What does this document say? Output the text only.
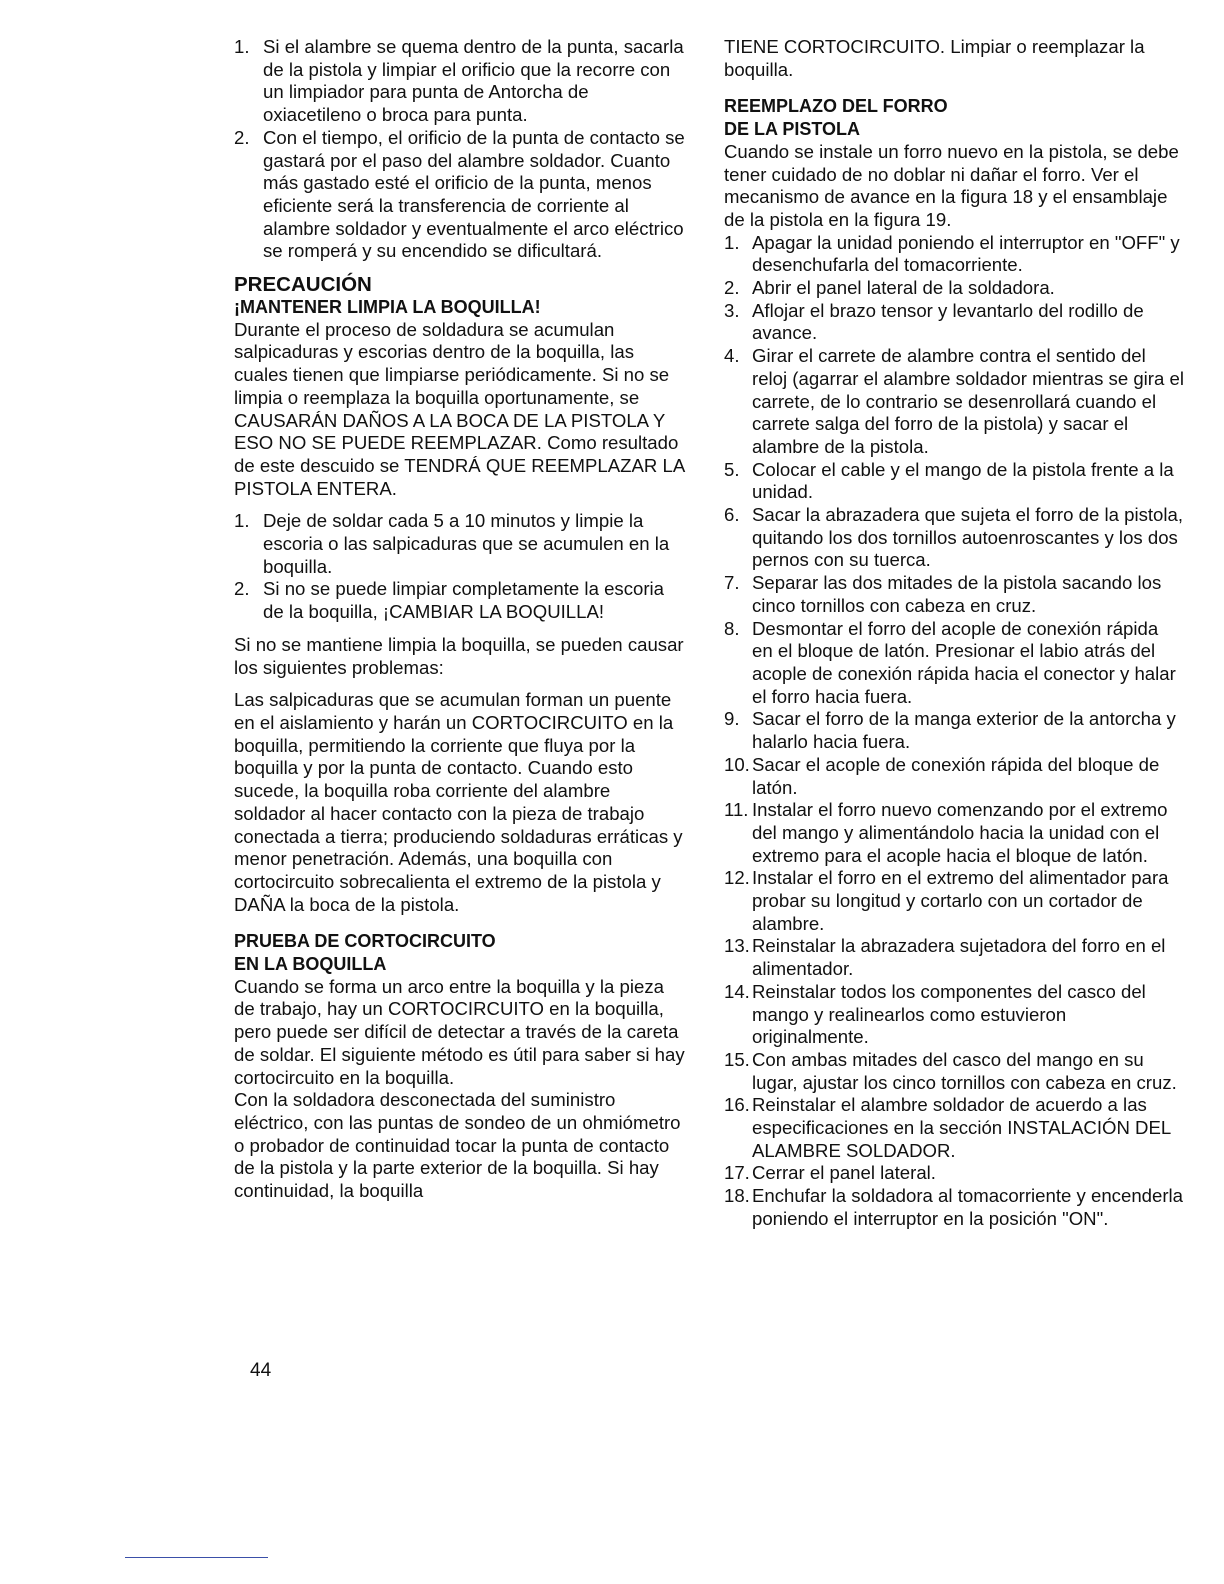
1. Si el alambre se quema dentro de la punta, sacarla de la pistola y limpiar el orificio que la recorre con un limpiador para punta de Antorcha de oxiacetileno o broca para punta.
2. Con el tiempo, el orificio de la punta de contacto se gastará por el paso del alambre soldador. Cuanto más gastado esté el orificio de la punta, menos eficiente será la transferencia de corriente al alambre soldador y eventualmente el arco eléctrico se romperá y su encendido se dificultará.
PRECAUCIÓN
¡MANTENER LIMPIA LA BOQUILLA!

Durante el proceso de soldadura se acumulan salpicaduras y escorias dentro de la boquilla, las cuales tienen que limpiarse periódicamente. Si no se limpia o reemplaza la boquilla oportunamente, se CAUSARÁN DAÑOS A LA BOCA DE LA PISTOLA Y ESO NO SE PUEDE REEMPLAZAR. Como resultado de este descuido se TENDRÁ QUE REEMPLAZAR LA PISTOLA ENTERA.

1. Deje de soldar cada 5 a 10 minutos y limpie la escoria o las salpicaduras que se acumulen en la boquilla.
2. Si no se puede limpiar completamente la escoria de la boquilla, ¡CAMBIAR LA BOQUILLA!

Si no se mantiene limpia la boquilla, se pueden causar los siguientes problemas:

Las salpicaduras que se acumulan forman un puente en el aislamiento y harán un CORTOCIRCUITO en la boquilla, permitiendo la corriente que fluya por la boquilla y por la punta de contacto. Cuando esto sucede, la boquilla roba corriente del alambre soldador al hacer contacto con la pieza de trabajo conectada a tierra; produciendo soldaduras erráticas y menor penetración. Además, una boquilla con cortocircuito sobrecalienta el extremo de la pistola y DAÑA la boca de la pistola.

PRUEBA DE CORTOCIRCUITO
EN LA BOQUILLA

Cuando se forma un arco entre la boquilla y la pieza de trabajo, hay un CORTOCIRCUITO en la boquilla, pero puede ser difícil de detectar a través de la careta de soldar. El siguiente método es útil para saber si hay cortocircuito en la boquilla.

Con la soldadora desconectada del suministro eléctrico, con las puntas de sondeo de un ohmiómetro o probador de continuidad tocar la punta de contacto de la pistola y la parte exterior de la boquilla. Si hay continuidad, la boquilla

TIENE CORTOCIRCUITO. Limpiar o reemplazar la boquilla.

REEMPLAZO DEL FORRO
DE LA PISTOLA

Cuando se instale un forro nuevo en la pistola, se debe tener cuidado de no doblar ni dañar el forro. Ver el mecanismo de avance en la figura 18 y el ensamblaje de la pistola en la figura 19.

1. Apagar la unidad poniendo el interruptor en "OFF" y desenchufarla del tomacorriente.
2. Abrir el panel lateral de la soldadora.
3. Aflojar el brazo tensor y levantarlo del rodillo de avance.
4. Girar el carrete de alambre contra el sentido del reloj (agarrar el alambre soldador mientras se gira el carrete, de lo contrario se desenrollará cuando el carrete salga del forro de la pistola) y sacar el alambre de la pistola.
5. Colocar el cable y el mango de la pistola frente a la unidad.
6. Sacar la abrazadera que sujeta el forro de la pistola, quitando los dos tornillos autoenroscantes y los dos pernos con su tuerca.
7. Separar las dos mitades de la pistola sacando los cinco tornillos con cabeza en cruz.
8. Desmontar el forro del acople de conexión rápida en el bloque de latón. Presionar el labio atrás del acople de conexión rápida hacia el conector y halar el forro hacia fuera.
9. Sacar el forro de la manga exterior de la antorcha y halarlo hacia fuera.
10. Sacar el acople de conexión rápida del bloque de latón.
11. Instalar el forro nuevo comenzando por el extremo del mango y alimentándolo hacia la unidad con el extremo para el acople hacia el bloque de latón.
12. Instalar el forro en el extremo del alimentador para probar su longitud y cortarlo con un cortador de alambre.
13. Reinstalar la abrazadera sujetadora del forro en el alimentador.
14. Reinstalar todos los componentes del casco del mango y realinearlos como estuvieron originalmente.
15. Con ambas mitades del casco del mango en su lugar, ajustar los cinco tornillos con cabeza en cruz.
16. Reinstalar el alambre soldador de acuerdo a las especificaciones en la sección INSTALACIÓN DEL ALAMBRE SOLDADOR.
17. Cerrar el panel lateral.
18. Enchufar la soldadora al tomacorriente y encenderla poniendo el interruptor en la posición "ON".
44
